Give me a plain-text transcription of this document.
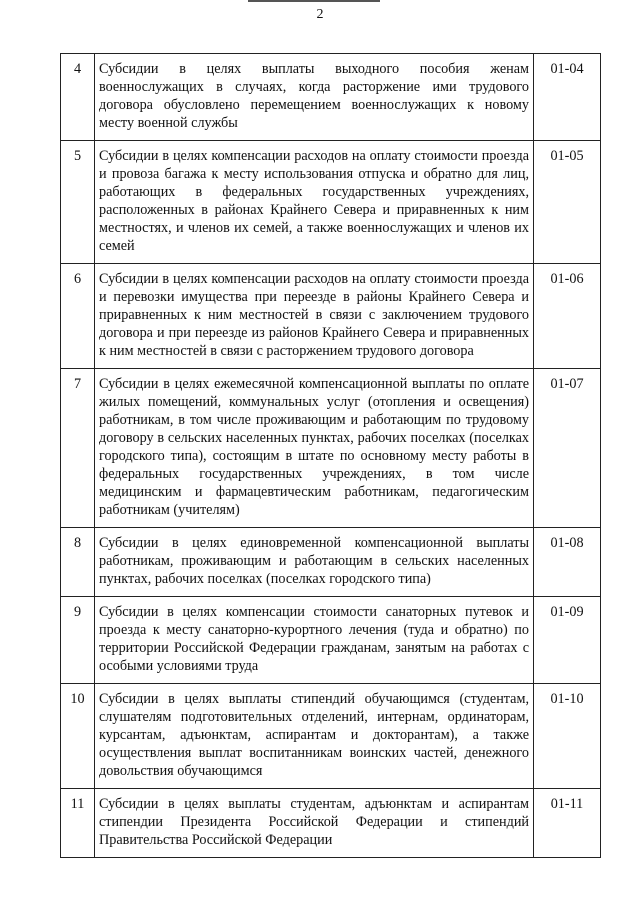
2
4	Субсидии в целях выплаты выходного пособия женам военнослужащих в случаях, когда расторжение ими трудового договора обусловлено перемещением военнослужащих к новому месту военной службы	01-04
5	Субсидии в целях компенсации расходов на оплату стоимости проезда и провоза багажа к месту использования отпуска и обратно для лиц, работающих в федеральных государственных учреждениях, расположенных в районах Крайнего Севера и приравненных к ним местностях, и членов их семей, а также военнослужащих и членов их семей	01-05
6	Субсидии в целях компенсации расходов на оплату стоимости проезда и перевозки имущества при переезде в районы Крайнего Севера и приравненных к ним местностей в связи с заключением трудового договора и при переезде из районов Крайнего Севера и приравненных к ним местностей в связи с расторжением трудового договора	01-06
7	Субсидии в целях ежемесячной компенсационной выплаты по оплате жилых помещений, коммунальных услуг (отопления и освещения) работникам, в том числе проживающим и работающим по трудовому договору в сельских населенных пунктах, рабочих поселках (поселках городского типа), состоящим в штате по основному месту работы в федеральных государственных учреждениях, в том числе медицинским и фармацевтическим работникам, педагогическим работникам (учителям)	01-07
8	Субсидии в целях единовременной компенсационной выплаты работникам, проживающим и работающим в сельских населенных пунктах, рабочих поселках (поселках городского типа)	01-08
9	Субсидии в целях компенсации стоимости санаторных путевок и проезда к месту санаторно-курортного лечения (туда и обратно) по территории Российской Федерации гражданам, занятым на работах с особыми условиями труда	01-09
10	Субсидии в целях выплаты стипендий обучающимся (студентам, слушателям подготовительных отделений, интернам, ординаторам, курсантам, адъюнктам, аспирантам и докторантам), а также осуществления выплат воспитанникам воинских частей, денежного довольствия обучающимся	01-10
11	Субсидии в целях выплаты студентам, адъюнктам и аспирантам стипендии Президента Российской Федерации и стипендий Правительства Российской Федерации	01-11
